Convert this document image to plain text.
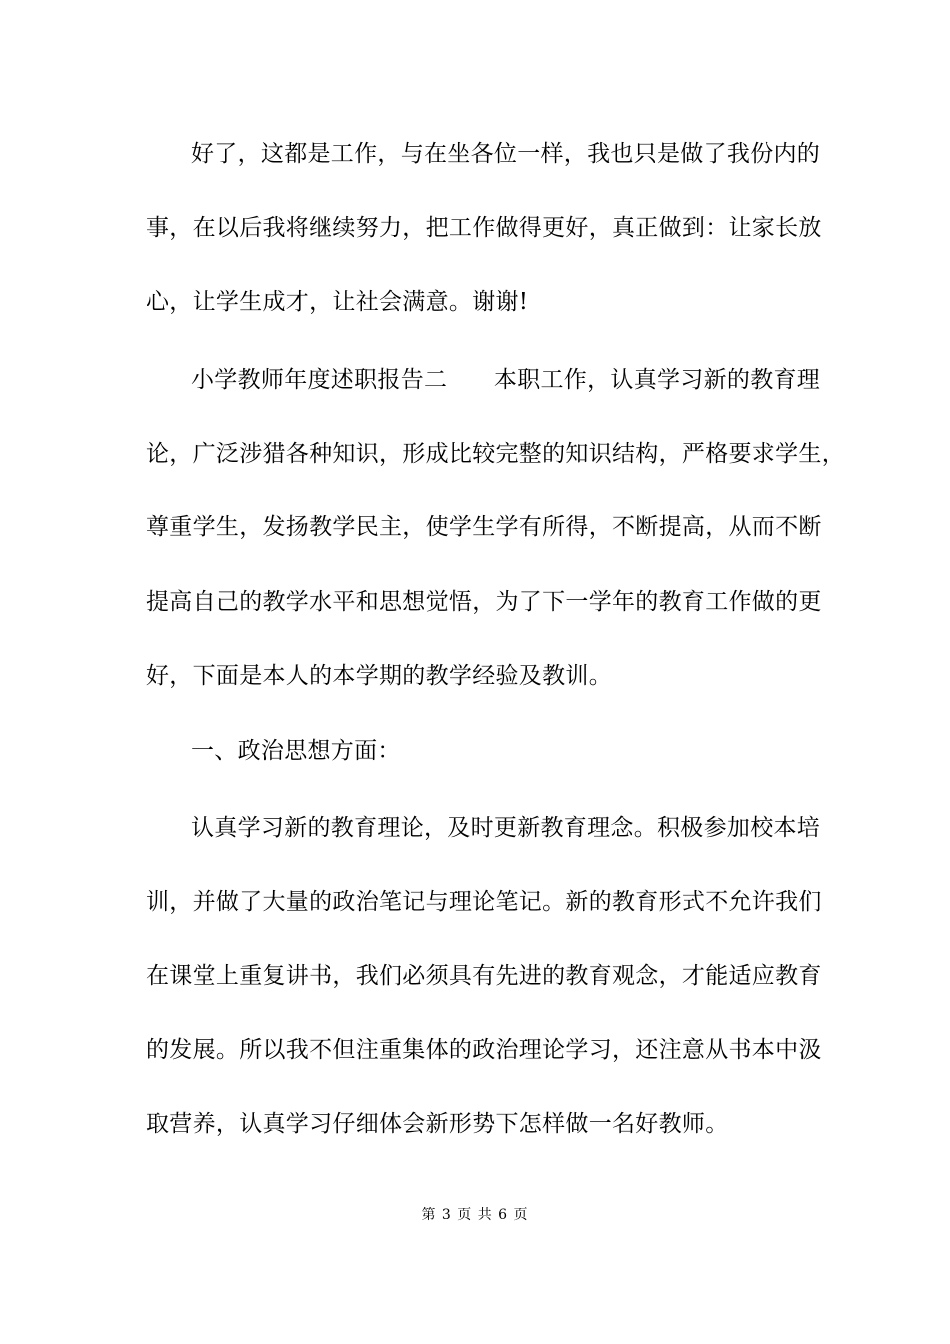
好了，这都是工作，与在坐各位一样，我也只是做了我份内的
事，在以后我将继续努力，把工作做得更好，真正做到：让家长放
心，让学生成才，让社会满意。谢谢!
小学教师年度述职报告二　　本职工作，认真学习新的教育理
论，广泛涉猎各种知识，形成比较完整的知识结构，严格要求学生，
尊重学生，发扬教学民主，使学生学有所得，不断提高，从而不断
提高自己的教学水平和思想觉悟，为了下一学年的教育工作做的更
好，下面是本人的本学期的教学经验及教训。
一、政治思想方面：
认真学习新的教育理论，及时更新教育理念。积极参加校本培
训，并做了大量的政治笔记与理论笔记。新的教育形式不允许我们
在课堂上重复讲书，我们必须具有先进的教育观念，才能适应教育
的发展。所以我不但注重集体的政治理论学习，还注意从书本中汲
取营养，认真学习仔细体会新形势下怎样做一名好教师。
第 3 页 共 6 页
